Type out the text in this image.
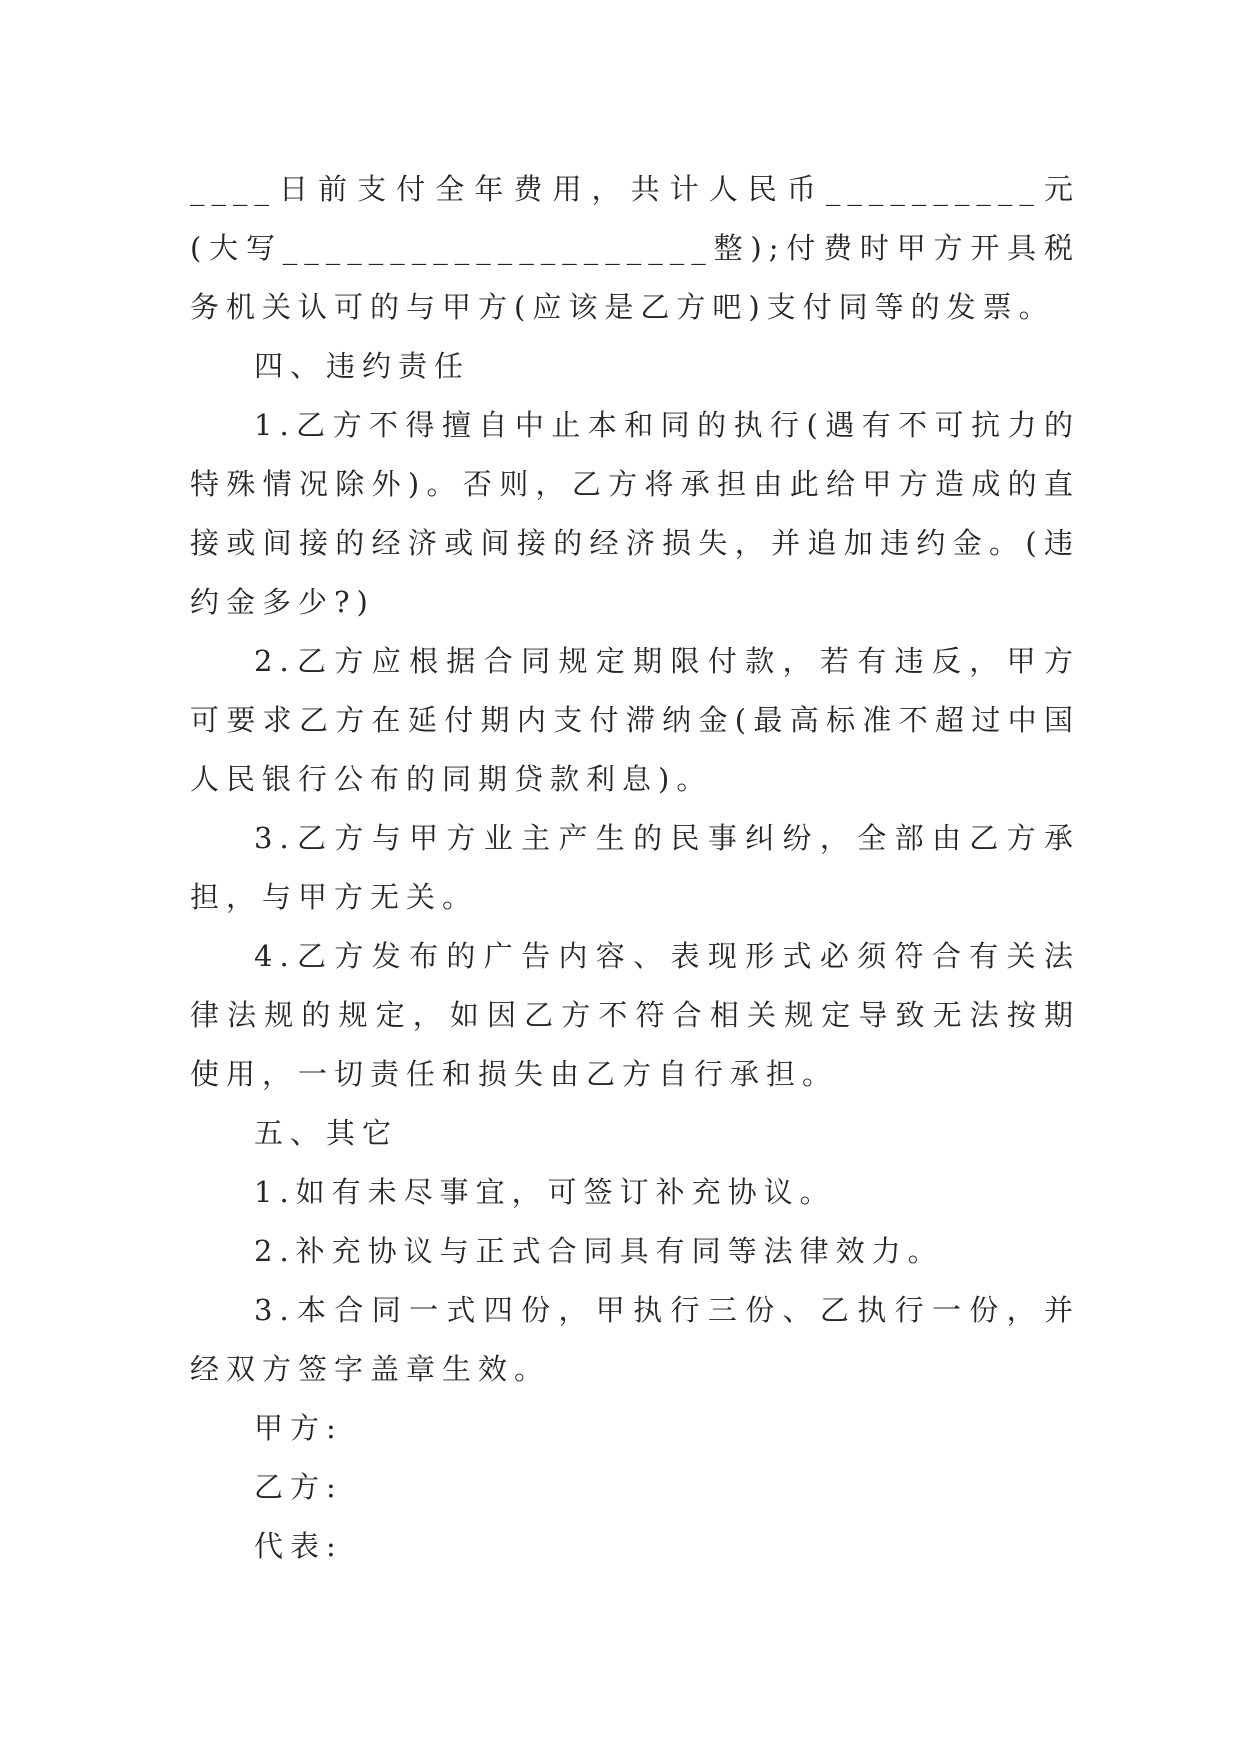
____日前支付全年费用，共计人民币__________元(大写____________________整);付费时甲方开具税务机关认可的与甲方(应该是乙方吧)支付同等的发票。

四、违约责任

1.乙方不得擅自中止本和同的执行(遇有不可抗力的特殊情况除外)。否则，乙方将承担由此给甲方造成的直接或间接的经济或间接的经济损失，并追加违约金。(违约金多少?)

2.乙方应根据合同规定期限付款，若有违反，甲方可要求乙方在延付期内支付滞纳金(最高标准不超过中国人民银行公布的同期贷款利息)。

3.乙方与甲方业主产生的民事纠纷，全部由乙方承担，与甲方无关。

4.乙方发布的广告内容、表现形式必须符合有关法律法规的规定，如因乙方不符合相关规定导致无法按期使用，一切责任和损失由乙方自行承担。

五、其它

1.如有未尽事宜，可签订补充协议。

2.补充协议与正式合同具有同等法律效力。

3.本合同一式四份，甲执行三份、乙执行一份，并经双方签字盖章生效。

甲方:

乙方:

代表:
